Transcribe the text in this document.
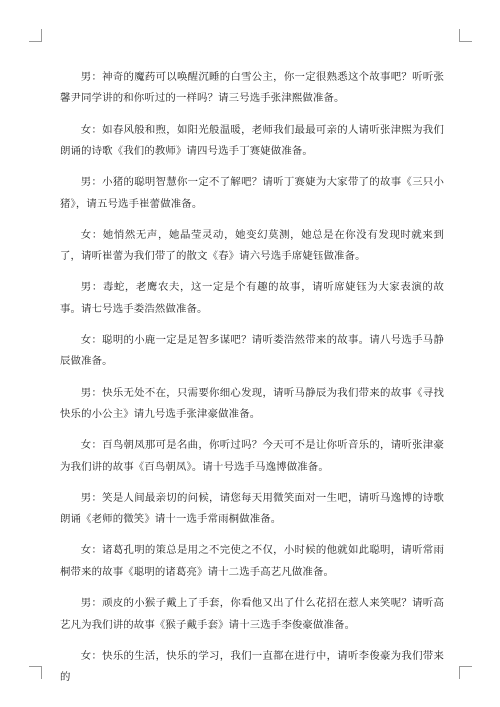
男：神奇的魔药可以唤醒沉睡的白雪公主，你一定很熟悉这个故事吧？听听张馨尹同学讲的和你听过的一样吗？请三号选手张津熙做准备。

女：如春风般和煦，如阳光般温暖，老师我们最最可亲的人请听张津熙为我们朗诵的诗歌《我们的教师》请四号选手丁赛婕做准备。

男：小猪的聪明智慧你一定不了解吧？请听丁赛婕为大家带了的故事《三只小猪》，请五号选手崔蕾做准备。

女：她悄然无声，她晶莹灵动，她变幻莫测，她总是在你没有发现时就来到了，请听崔蕾为我们带了的散文《春》请六号选手席婕钰做准备。

男：毒蛇，老鹰农夫，这一定是个有趣的故事，请听席婕钰为大家表演的故事。请七号选手娄浩然做准备。

女：聪明的小鹿一定是足智多谋吧？请听娄浩然带来的故事。请八号选手马静辰做准备。

男：快乐无处不在，只需要你细心发现，请听马静辰为我们带来的故事《寻找快乐的小公主》请九号选手张津豪做准备。

女：百鸟朝凤那可是名曲，你听过吗？今天可不是让你听音乐的，请听张津豪为我们讲的故事《百鸟朝凤》。请十号选手马逸博做准备。

男：笑是人间最亲切的问候，请您每天用微笑面对一生吧，请听马逸博的诗歌朗诵《老师的微笑》请十一选手常雨桐做准备。

女：诸葛孔明的策总是用之不完使之不仅，小时候的他就如此聪明，请听常雨桐带来的故事《聪明的诸葛亮》请十二选手高艺凡做准备。

男：顽皮的小猴子戴上了手套，你看他又出了什么花招在惹人来笑呢？请听高艺凡为我们讲的故事《猴子戴手套》请十三选手李俊豪做准备。

女：快乐的生活，快乐的学习，我们一直都在进行中，请听李俊豪为我们带来的
